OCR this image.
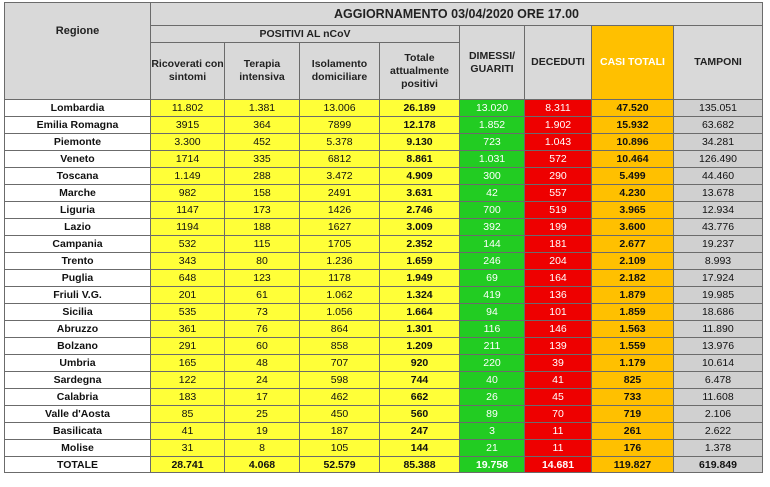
Regione	AGGIORNAMENTO 03/04/2020 ORE 17.00							
	POSITIVI AL nCoV				DIMESSI/ GUARITI	DECEDUTI	CASI TOTALI	TAMPONI
	Ricoverati con sintomi	Terapia intensiva	Isolamento domiciliare	Totale attualmente positivi				
Lombardia	11.802	1.381	13.006	26.189	13.020	8.311	47.520	135.051
Emilia Romagna	3915	364	7899	12.178	1.852	1.902	15.932	63.682
Piemonte	3.300	452	5.378	9.130	723	1.043	10.896	34.281
Veneto	1714	335	6812	8.861	1.031	572	10.464	126.490
Toscana	1.149	288	3.472	4.909	300	290	5.499	44.460
Marche	982	158	2491	3.631	42	557	4.230	13.678
Liguria	1147	173	1426	2.746	700	519	3.965	12.934
Lazio	1194	188	1627	3.009	392	199	3.600	43.776
Campania	532	115	1705	2.352	144	181	2.677	19.237
Trento	343	80	1.236	1.659	246	204	2.109	8.993
Puglia	648	123	1178	1.949	69	164	2.182	17.924
Friuli V.G.	201	61	1.062	1.324	419	136	1.879	19.985
Sicilia	535	73	1.056	1.664	94	101	1.859	18.686
Abruzzo	361	76	864	1.301	116	146	1.563	11.890
Bolzano	291	60	858	1.209	211	139	1.559	13.976
Umbria	165	48	707	920	220	39	1.179	10.614
Sardegna	122	24	598	744	40	41	825	6.478
Calabria	183	17	462	662	26	45	733	11.608
Valle d'Aosta	85	25	450	560	89	70	719	2.106
Basilicata	41	19	187	247	3	11	261	2.622
Molise	31	8	105	144	21	11	176	1.378
TOTALE	28.741	4.068	52.579	85.388	19.758	14.681	119.827	619.849
